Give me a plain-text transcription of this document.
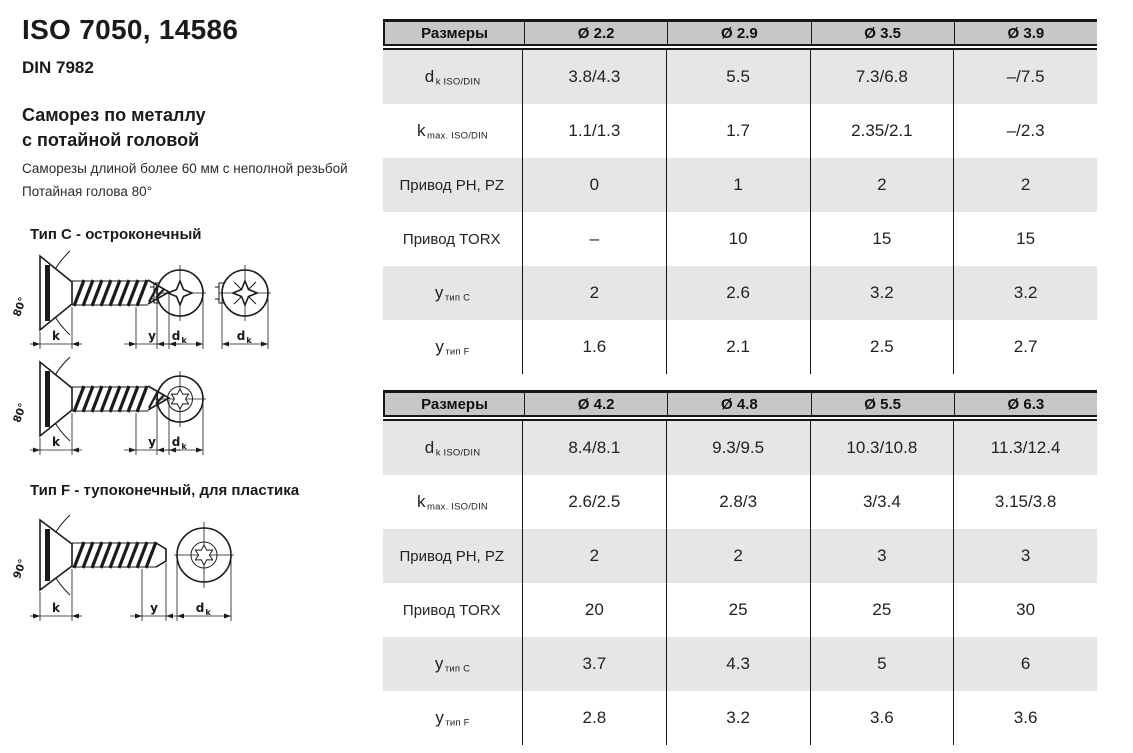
ISO 7050, 14586
DIN 7982
Саморез по металлу
с потайной головой
Саморезы длиной более 60 мм с неполной резьбой
Потайная голова 80°
Тип C - остроконечный
Тип F - тупоконечный, для пластика
80°
k	y d k	d k
80°
k	y d k
90°
k	y	d k
Размеры	Ø 2.2	Ø 2.9	Ø 3.5	Ø 3.9
d k ISO/DIN	3.8/4.3	5.5	7.3/6.8	–/7.5
k max. ISO/DIN	1.1/1.3	1.7	2.35/2.1	–/2.3
Привод PH, PZ	0	1	2	2
Привод TORX	–	10	15	15
y тип C	2	2.6	3.2	3.2
y тип F	1.6	2.1	2.5	2.7
Размеры	Ø 4.2	Ø 4.8	Ø 5.5	Ø 6.3
d k ISO/DIN	8.4/8.1	9.3/9.5	10.3/10.8	11.3/12.4
k max. ISO/DIN	2.6/2.5	2.8/3	3/3.4	3.15/3.8
Привод PH, PZ	2	2	3	3
Привод TORX	20	25	25	30
y тип C	3.7	4.3	5	6
y тип F	2.8	3.2	3.6	3.6
